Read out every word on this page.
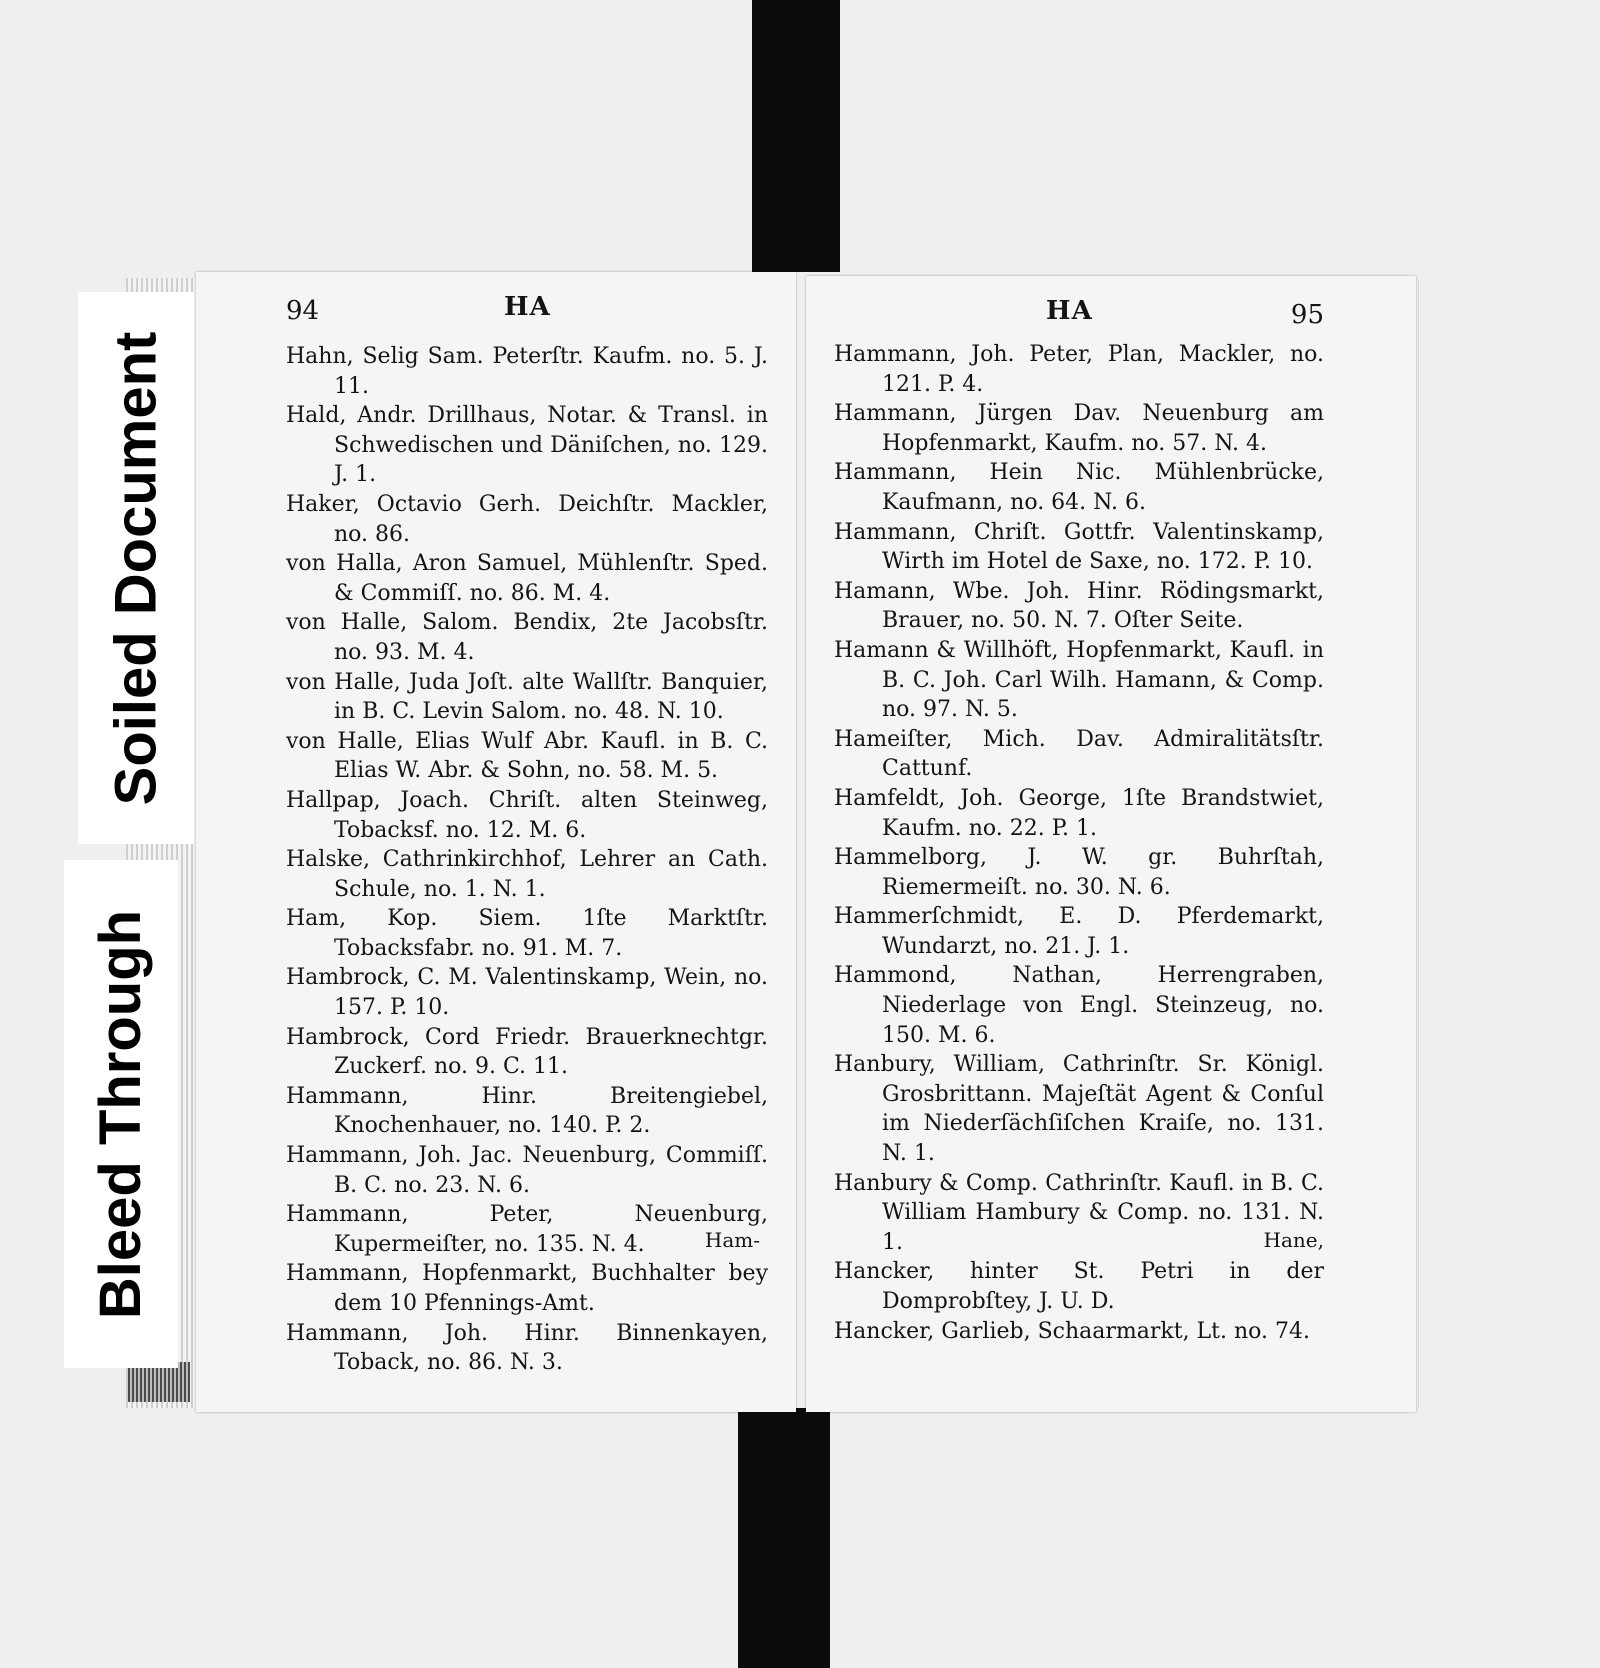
94	HA
Hahn, Selig Sam. Peterſtr. Kaufm. no. 5. J. 11.
Hald, Andr. Drillhaus, Notar. & Transl. in Schwedischen und Däniſchen, no. 129. J. 1.
Haker, Octavio Gerh. Deichſtr. Mackler, no. 86.
von Halla, Aron Samuel, Mühlenſtr. Sped. & Commiſſ. no. 86. M. 4.
von Halle, Salom. Bendix, 2te Jacobsſtr. no. 93. M. 4.
von Halle, Juda Joſt. alte Wallſtr. Banquier, in B. C. Levin Salom. no. 48. N. 10.
von Halle, Elias Wulf Abr. Kaufl. in B. C. Elias W. Abr. & Sohn, no. 58. M. 5.
Hallpap, Joach. Chriſt. alten Steinweg, Tobacksf. no. 12. M. 6.
Halske, Cathrinkirchhof, Lehrer an Cath. Schule, no. 1. N. 1.
Ham, Kop. Siem. 1ſte Marktſtr. Tobacksfabr. no. 91. M. 7.
Hambrock, C. M. Valentinskamp, Wein, no. 157. P. 10.
Hambrock, Cord Friedr. Brauerknechtgr. Zuckerf. no. 9. C. 11.
Hammann, Hinr. Breitengiebel, Knochenhauer, no. 140. P. 2.
Hammann, Joh. Jac. Neuenburg, Commiſſ. B. C. no. 23. N. 6.
Hammann, Peter, Neuenburg, Kupermeiſter, no. 135. N. 4.
Hammann, Hopfenmarkt, Buchhalter bey dem 10 Pfennings-Amt.
Hammann, Joh. Hinr. Binnenkayen, Toback, no. 86. N. 3.
Ham-
HA	95
Hammann, Joh. Peter, Plan, Mackler, no. 121. P. 4.
Hammann, Jürgen Dav. Neuenburg am Hopfenmarkt, Kaufm. no. 57. N. 4.
Hammann, Hein Nic. Mühlenbrücke, Kaufmann, no. 64. N. 6.
Hammann, Chriſt. Gottfr. Valentinskamp, Wirth im Hotel de Saxe, no. 172. P. 10.
Hamann, Wbe. Joh. Hinr. Rödingsmarkt, Brauer, no. 50. N. 7. Oſter Seite.
Hamann & Willhöft, Hopfenmarkt, Kaufl. in B. C. Joh. Carl Wilh. Hamann, & Comp. no. 97. N. 5.
Hameiſter, Mich. Dav. Admiralitätsſtr. Cattunf.
Hamfeldt, Joh. George, 1ſte Brandstwiet, Kaufm. no. 22. P. 1.
Hammelborg, J. W. gr. Buhrſtah, Riemermeiſt. no. 30. N. 6.
Hammerſchmidt, E. D. Pferdemarkt, Wundarzt, no. 21. J. 1.
Hammond, Nathan, Herrengraben, Niederlage von Engl. Steinzeug, no. 150. M. 6.
Hanbury, William, Cathrinſtr. Sr. Königl. Grosbrittann. Majeſtät Agent & Conſul im Niederſächſiſchen Kraiſe, no. 131. N. 1.
Hanbury & Comp. Cathrinſtr. Kaufl. in B. C. William Hambury & Comp. no. 131. N. 1.
Hancker, hinter St. Petri in der Domprobſtey, J. U. D.
Hancker, Garlieb, Schaarmarkt, Lt. no. 74.
Hane,
Soiled Document
Bleed Through
